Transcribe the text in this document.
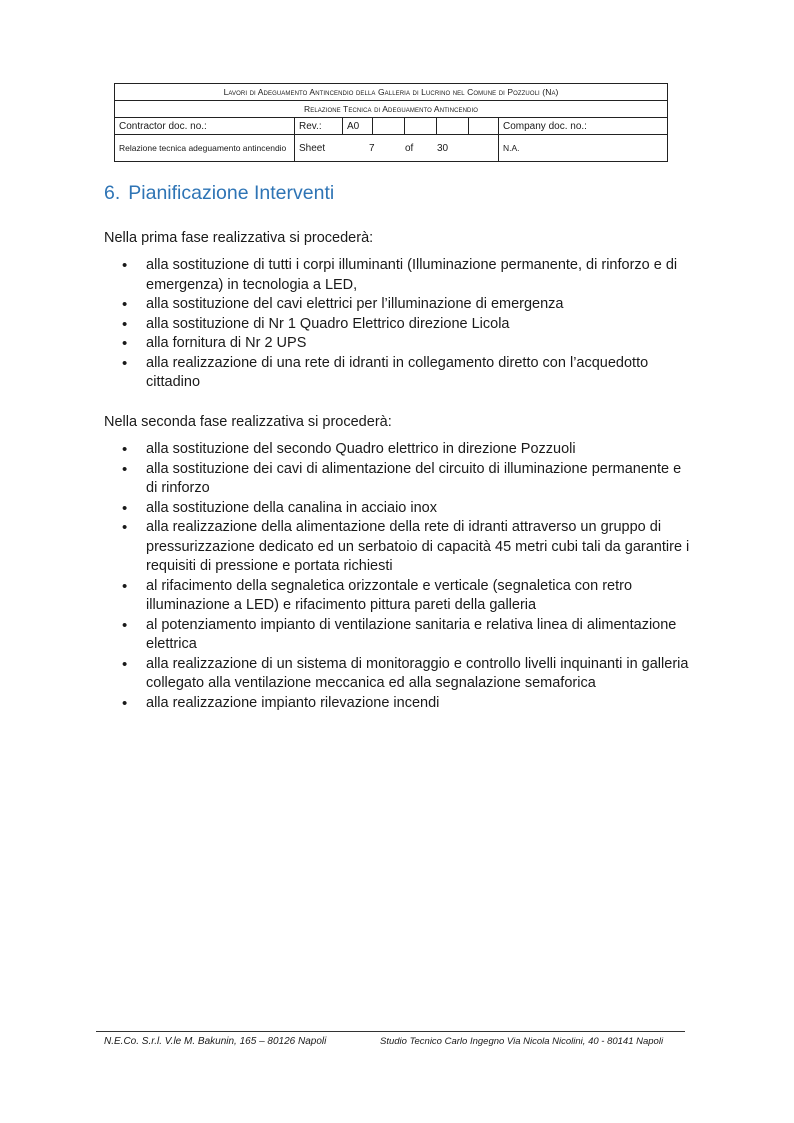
Lavori di Adeguamento Antincendio della Galleria di Lucrino nel Comune di Pozzuoli (Na)							
Relazione Tecnica di Adeguamento Antincendio							
Contractor doc. no.:	Rev.:	A0					Company doc. no.:
Relazione tecnica adeguamento antincendio	Sheet 7 of 30						N.A.
6. Pianificazione Interventi

Nella prima fase realizzativa si procederà:

• alla sostituzione di tutti i corpi illuminanti (Illuminazione permanente, di rinforzo e di emergenza) in tecnologia a LED,
• alla sostituzione del cavi elettrici per l’illuminazione di emergenza
• alla sostituzione di Nr 1 Quadro Elettrico direzione Licola
• alla fornitura di Nr 2 UPS
• alla realizzazione di una rete di idranti in collegamento diretto con l’acquedotto cittadino

Nella seconda fase realizzativa si procederà:

• alla sostituzione del secondo Quadro elettrico in direzione Pozzuoli
• alla sostituzione dei cavi di alimentazione del circuito di illuminazione permanente e di rinforzo
• alla sostituzione della canalina in acciaio inox
• alla realizzazione della alimentazione della rete di idranti attraverso un gruppo di pressurizzazione dedicato ed un serbatoio di capacità 45 metri cubi tali da garantire i requisiti di pressione e portata richiesti
• al rifacimento della segnaletica orizzontale e verticale (segnaletica con retro illuminazione a LED) e rifacimento pittura pareti della galleria
• al potenziamento impianto di ventilazione sanitaria e relativa linea di alimentazione elettrica
• alla realizzazione di un sistema di monitoraggio e controllo livelli inquinanti in galleria collegato alla ventilazione meccanica ed alla segnalazione semaforica
• alla realizzazione impianto rilevazione incendi
N.E.Co. S.r.l. V.le M. Bakunin, 165 – 80126 Napoli	Studio Tecnico Carlo Ingegno Via Nicola Nicolini, 40 - 80141 Napoli
